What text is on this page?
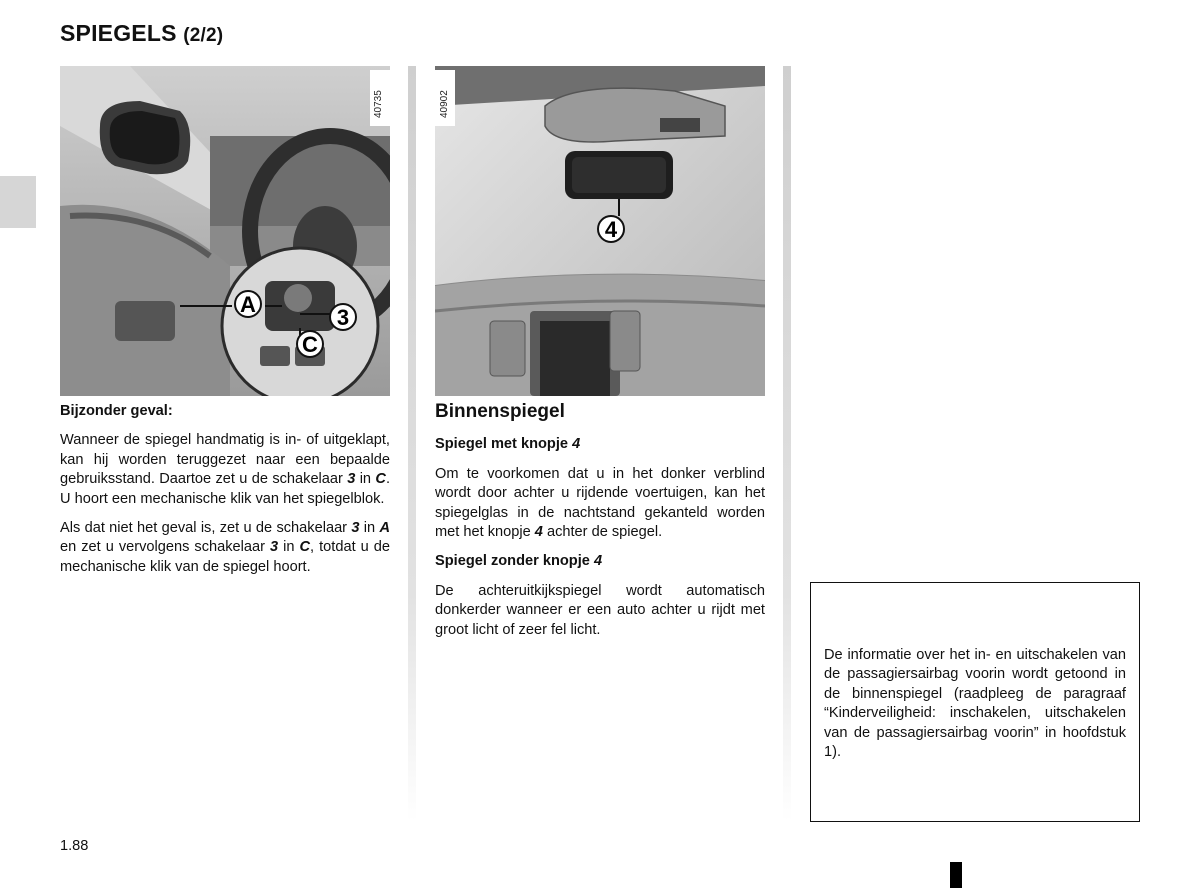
SPIEGELS (2/2)
A
3
C
40735
4
40902
Bijzonder geval:

Wanneer de spiegel handmatig is in- of uitgeklapt, kan hij worden teruggezet naar een bepaalde gebruiksstand. Daartoe zet u de schakelaar 3 in C. U hoort een mechanische klik van het spiegelblok.

Als dat niet het geval is, zet u de schakelaar 3 in A en zet u vervolgens schakelaar 3 in C, totdat u de mechanische klik van de spiegel hoort.

Binnenspiegel
Spiegel met knopje 4

Om te voorkomen dat u in het donker verblind wordt door achter u rijdende voertuigen, kan het spiegelglas in de nachtstand gekanteld worden met het knopje 4 achter de spiegel.

Spiegel zonder knopje 4

De achteruitkijkspiegel wordt automatisch donkerder wanneer er een auto achter u rijdt met groot licht of zeer fel licht.

De informatie over het in- en uitschakelen van de passagiersairbag voorin wordt getoond in de binnenspiegel (raadpleeg de paragraaf “Kinderveiligheid: inschakelen, uitschakelen van de passagiersairbag voorin” in hoofdstuk 1).

1.88
